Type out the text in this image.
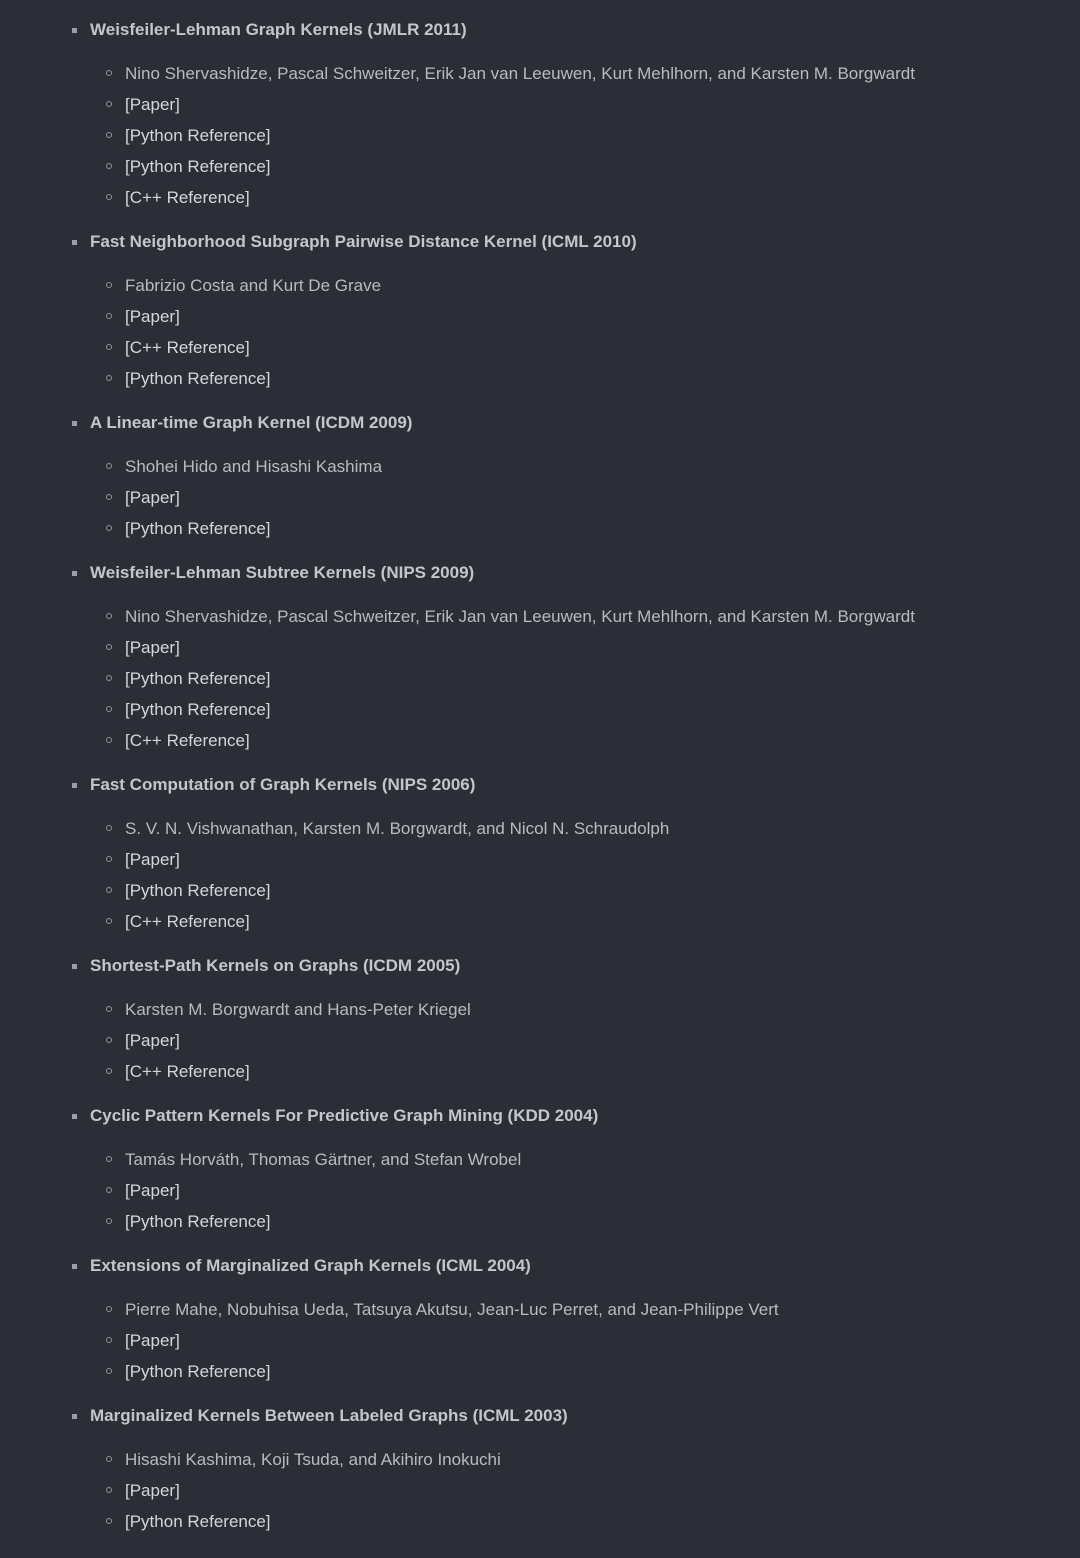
Weisfeiler-Lehman Graph Kernels (JMLR 2011)
Nino Shervashidze, Pascal Schweitzer, Erik Jan van Leeuwen, Kurt Mehlhorn, and Karsten M. Borgwardt
[Paper]
[Python Reference]
[Python Reference]
[C++ Reference]
Fast Neighborhood Subgraph Pairwise Distance Kernel (ICML 2010)
Fabrizio Costa and Kurt De Grave
[Paper]
[C++ Reference]
[Python Reference]
A Linear-time Graph Kernel (ICDM 2009)
Shohei Hido and Hisashi Kashima
[Paper]
[Python Reference]
Weisfeiler-Lehman Subtree Kernels (NIPS 2009)
Nino Shervashidze, Pascal Schweitzer, Erik Jan van Leeuwen, Kurt Mehlhorn, and Karsten M. Borgwardt
[Paper]
[Python Reference]
[Python Reference]
[C++ Reference]
Fast Computation of Graph Kernels (NIPS 2006)
S. V. N. Vishwanathan, Karsten M. Borgwardt, and Nicol N. Schraudolph
[Paper]
[Python Reference]
[C++ Reference]
Shortest-Path Kernels on Graphs (ICDM 2005)
Karsten M. Borgwardt and Hans-Peter Kriegel
[Paper]
[C++ Reference]
Cyclic Pattern Kernels For Predictive Graph Mining (KDD 2004)
Tamás Horváth, Thomas Gärtner, and Stefan Wrobel
[Paper]
[Python Reference]
Extensions of Marginalized Graph Kernels (ICML 2004)
Pierre Mahe, Nobuhisa Ueda, Tatsuya Akutsu, Jean-Luc Perret, and Jean-Philippe Vert
[Paper]
[Python Reference]
Marginalized Kernels Between Labeled Graphs (ICML 2003)
Hisashi Kashima, Koji Tsuda, and Akihiro Inokuchi
[Paper]
[Python Reference]
